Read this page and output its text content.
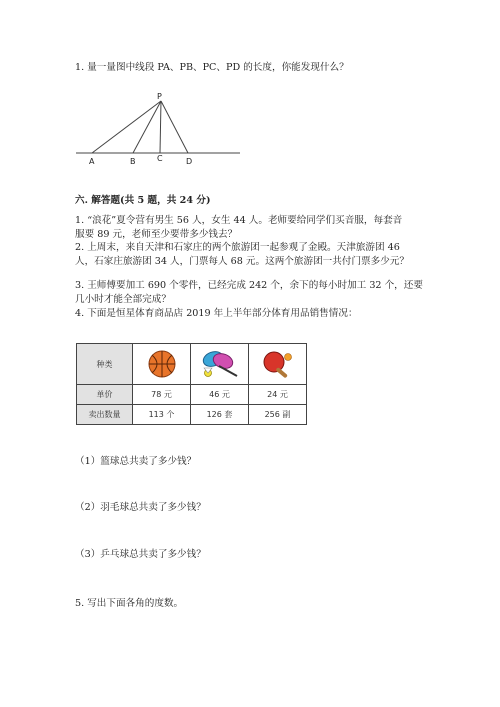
1. 量一量图中线段 PA、PB、PC、PD 的长度，你能发现什么？
P
A	B	C	D
六. 解答题(共 5 题，共 24 分)
1. “浪花”夏令营有男生 56 人，女生 44 人。老师要给同学们买音服，每套音
服要 89 元，老师至少要带多少钱去？
2. 上周末，来自天津和石家庄的两个旅游团一起参观了金殿。天津旅游团 46
人，石家庄旅游团 34 人，门票每人 68 元。这两个旅游团一共付门票多少元？
3. 王师傅要加工 690 个零件，已经完成 242 个，余下的每小时加工 32 个，还要
几小时才能全部完成？
4. 下面是恒星体育商品店 2019 年上半年部分体育用品销售情况：
种类	

单价	78 元	46 元	24 元
卖出数量	113 个	126 套	256 副
（1）篮球总共卖了多少钱？
（2）羽毛球总共卖了多少钱？
（3）乒乓球总共卖了多少钱？
5. 写出下面各角的度数。
